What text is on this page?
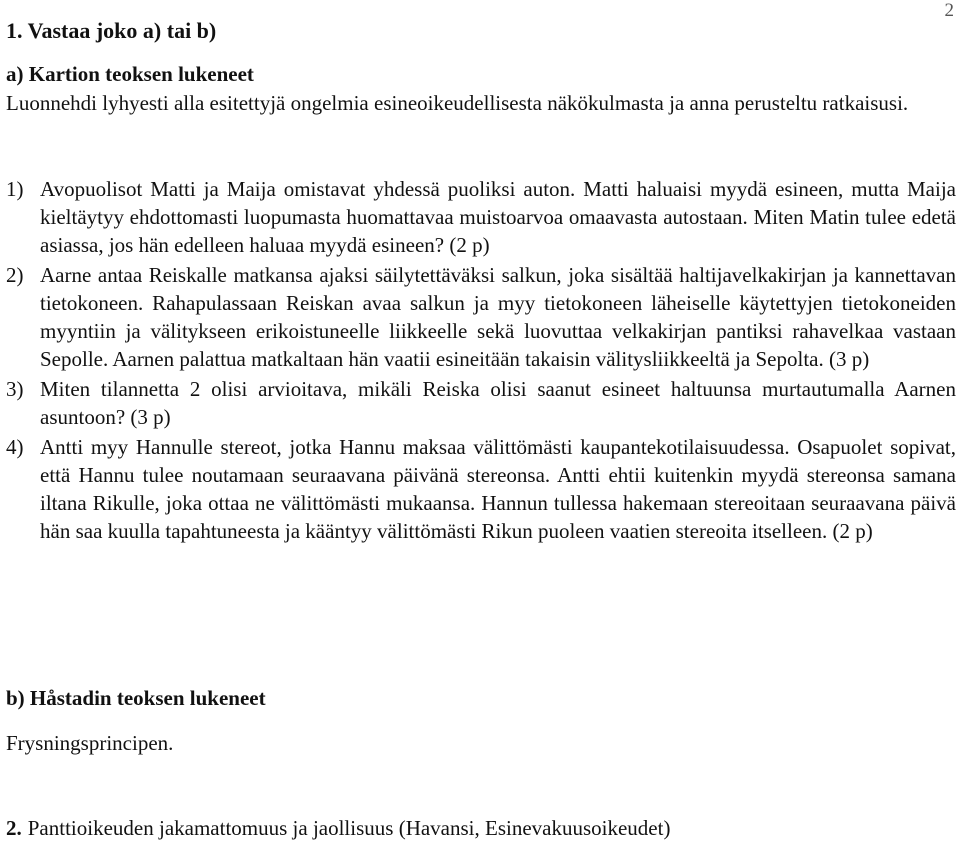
2
1. Vastaa joko a) tai b)
a) Kartion teoksen lukeneet
Luonnehdi lyhyesti alla esitettyjä ongelmia esineoikeudellisesta näkökulmasta ja anna perusteltu ratkaisusi.
1) Avopuolisot Matti ja Maija omistavat yhdessä puoliksi auton. Matti haluaisi myydä esineen, mutta Maija kieltäytyy ehdottomasti luopumasta huomattavaa muistoarvoa omaavasta autostaan. Miten Matin tulee edetä asiassa, jos hän edelleen haluaa myydä esineen? (2 p)
2) Aarne antaa Reiskalle matkansa ajaksi säilytettäväksi salkun, joka sisältää haltijavelkakirjan ja kannettavan tietokoneen. Rahapulassaan Reiskan avaa salkun ja myy tietokoneen läheiselle käytettyjen tietokoneiden myyntiin ja välitykseen erikoistuneelle liikkeelle sekä luovuttaa velkakirjan pantiksi rahavelkaa vastaan Sepolle. Aarnen palattua matkaltaan hän vaatii esineitään takaisin välitysliikkeeltä ja Sepolta. (3 p)
3) Miten tilannetta 2 olisi arvioitava, mikäli Reiska olisi saanut esineet haltuunsa murtautumalla Aarnen asuntoon? (3 p)
4) Antti myy Hannulle stereot, jotka Hannu maksaa välittömästi kaupantekotilaisuudessa. Osapuolet sopivat, että Hannu tulee noutamaan seuraavana päivänä stereonsa. Antti ehtii kuitenkin myydä stereonsa samana iltana Rikulle, joka ottaa ne välittömästi mukaansa. Hannun tullessa hakemaan stereoitaan seuraavana päivä hän saa kuulla tapahtuneesta ja kääntyy välittömästi Rikun puoleen vaatien stereoita itselleen. (2 p)
b) Håstadin teoksen lukeneet
Frysningsprincipen.
2. Panttioikeuden jakamattomuus ja jaollisuus (Havansi, Esinevakuusoikeudet)
